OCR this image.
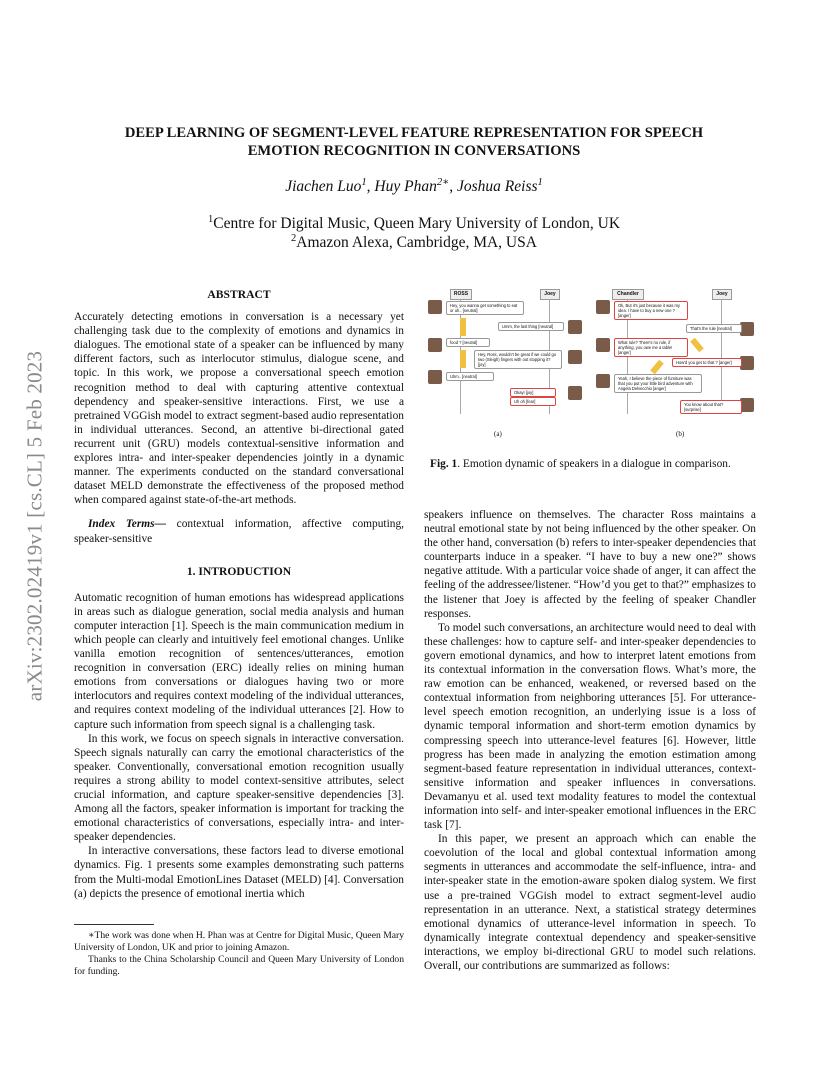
arXiv:2302.02419v1 [cs.CL] 5 Feb 2023
DEEP LEARNING OF SEGMENT-LEVEL FEATURE REPRESENTATION FOR SPEECH
EMOTION RECOGNITION IN CONVERSATIONS
Jiachen Luo$^1$, Huy Phan$^{2∗}$, Joshua Reiss$^1$
$^1$Centre for Digital Music, Queen Mary University of London, UK
$^2$Amazon Alexa, Cambridge, MA, USA
ABSTRACT

Accurately detecting emotions in conversation is a necessary yet challenging task due to the complexity of emotions and dynamics in dialogues. The emotional state of a speaker can be influenced by many different factors, such as interlocutor stimulus, dialogue scene, and topic. In this work, we propose a conversational speech emotion recognition method to deal with capturing attentive contextual dependency and speaker-sensitive interactions. First, we use a pretrained VGGish model to extract segment-based audio representation in individual utterances. Second, an attentive bi-directional gated recurrent unit (GRU) models contextual-sensitive information and explores intra- and inter-speaker dependencies jointly in a dynamic manner. The experiments conducted on the standard conversational dataset MELD demonstrate the effectiveness of the proposed method when compared against state-of-the-art methods.

Index Terms— contextual information, affective computing, speaker-sensitive

1. INTRODUCTION

Automatic recognition of human emotions has widespread applications in areas such as dialogue generation, social media analysis and human computer interaction [1]. Speech is the main communication medium in which people can clearly and intuitively feel emotional changes. Unlike vanilla emotion recognition of sentences/utterances, emotion recognition in conversation (ERC) ideally relies on mining human emotions from conversations or dialogues having two or more interlocutors and requires context modeling of the individual utterances, and requires context modeling of the individual utterances [2]. How to capture such information from speech signal is a challenging task.

In this work, we focus on speech signals in interactive conversation. Speech signals naturally can carry the emotional characteristics of the speaker. Conventionally, conversational emotion recognition usually requires a strong ability to model context-sensitive attributes, select crucial information, and capture speaker-sensitive dependencies [3]. Among all the factors, speaker information is important for tracking the emotional characteristics of conversations, especially intra- and inter-speaker dependencies.

In interactive conversations, these factors lead to diverse emotional dynamics. Fig. 1 presents some examples demonstrating such patterns from the Multi-modal EmotionLines Dataset (MELD) [4]. Conversation (a) depicts the presence of emotional inertia which

∗The work was done when H. Phan was at Centre for Digital Music, Queen Mary University of London, UK and prior to joining Amazon.

Thanks to the China Scholarship Council and Queen Mary University of London for funding.

ROSS	Joey
Hey, you wanna get something to eat or uh.. [neutral]
Umm, the last thing [neutral]
food ? [neutral]
Hey, Ross, wouldn't be great if we could go two (Sleigh) fingers with out stopping it? [joy]
Uhm.. [neutral]
Okay! [joy]
Uh oh [fear]
(a)
Chandler	Joey
Ok, But it's just because it was my idea. I have to buy a new one ? [anger]
That's the rule [neutral]
What rule? There's no rule, if anything, you owe me a table! [anger]
How'd you get to that ? [anger]
Yeah, I believe the piece of furniture was that you put your little bird adventure with Angela Delvecchio [anger]
You know about that? [surprise]
(b)
Fig. 1. Emotion dynamic of speakers in a dialogue in comparison.

speakers influence on themselves. The character Ross maintains a neutral emotional state by not being influenced by the other speaker. On the other hand, conversation (b) refers to inter-speaker dependencies that counterparts induce in a speaker. “I have to buy a new one?” shows negative attitude. With a particular voice shade of anger, it can affect the feeling of the addressee/listener. “How’d you get to that?” emphasizes to the listener that Joey is affected by the feeling of speaker Chandler responses.

To model such conversations, an architecture would need to deal with these challenges: how to capture self- and inter-speaker dependencies to govern emotional dynamics, and how to interpret latent emotions from its contextual information in the conversation flows. What’s more, the raw emotion can be enhanced, weakened, or reversed based on the contextual information from neighboring utterances [5]. For utterance-level speech emotion recognition, an underlying issue is a loss of dynamic temporal information and short-term emotion dynamics by compressing speech into utterance-level features [6]. However, little progress has been made in analyzing the emotion estimation among segment-based feature representation in individual utterances, context-sensitive information and speaker influences in conversations. Devamanyu et al. used text modality features to model the contextual information into self- and inter-speaker emotional influences in the ERC task [7].

In this paper, we present an approach which can enable the coevolution of the local and global contextual information among segments in utterances and accommodate the self-influence, intra- and inter-speaker state in the emotion-aware spoken dialog system. We first use a pre-trained VGGish model to extract segment-level audio representation in an utterance. Next, a statistical strategy determines emotional dynamics of utterance-level information in speech. To dynamically integrate contextual dependency and speaker-sensitive interactions, we employ bi-directional GRU to model such relations. Overall, our contributions are summarized as follows:
